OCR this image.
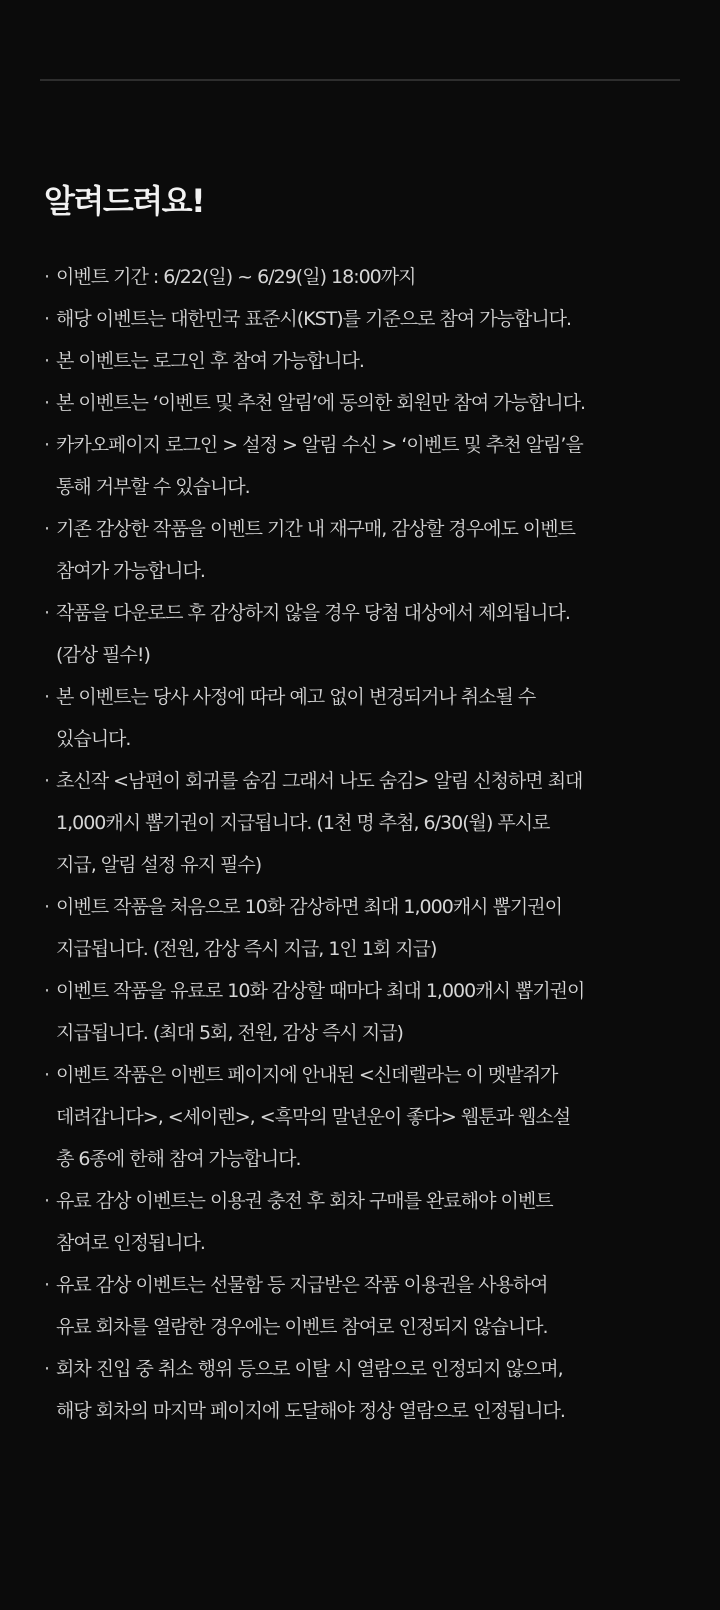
알려드려요!
· 이벤트 기간 : 6/22(일) ~ 6/29(일) 18:00까지
· 해당 이벤트는 대한민국 표준시(KST)를 기준으로 참여 가능합니다.
· 본 이벤트는 로그인 후 참여 가능합니다.
· 본 이벤트는 ‘이벤트 및 추천 알림’에 동의한 회원만 참여 가능합니다.
· 카카오페이지 로그인 > 설정 > 알림 수신 > ‘이벤트 및 추천 알림’을
통해 거부할 수 있습니다.
· 기존 감상한 작품을 이벤트 기간 내 재구매, 감상할 경우에도 이벤트
참여가 가능합니다.
· 작품을 다운로드 후 감상하지 않을 경우 당첨 대상에서 제외됩니다.
(감상 필수!)
· 본 이벤트는 당사 사정에 따라 예고 없이 변경되거나 취소될 수
있습니다.
· 초신작 <남편이 회귀를 숨김 그래서 나도 숨김> 알림 신청하면 최대
1,000캐시 뽑기권이 지급됩니다. (1천 명 추첨, 6/30(월) 푸시로
지급, 알림 설정 유지 필수)
· 이벤트 작품을 처음으로 10화 감상하면 최대 1,000캐시 뽑기권이
지급됩니다. (전원, 감상 즉시 지급, 1인 1회 지급)
· 이벤트 작품을 유료로 10화 감상할 때마다 최대 1,000캐시 뽑기권이
지급됩니다. (최대 5회, 전원, 감상 즉시 지급)
· 이벤트 작품은 이벤트 페이지에 안내된 <신데렐라는 이 멧밭쥐가
데려갑니다>, <세이렌>, <흑막의 말년운이 좋다> 웹툰과 웹소설
총 6종에 한해 참여 가능합니다.
· 유료 감상 이벤트는 이용권 충전 후 회차 구매를 완료해야 이벤트
참여로 인정됩니다.
· 유료 감상 이벤트는 선물함 등 지급받은 작품 이용권을 사용하여
유료 회차를 열람한 경우에는 이벤트 참여로 인정되지 않습니다.
· 회차 진입 중 취소 행위 등으로 이탈 시 열람으로 인정되지 않으며,
해당 회차의 마지막 페이지에 도달해야 정상 열람으로 인정됩니다.
